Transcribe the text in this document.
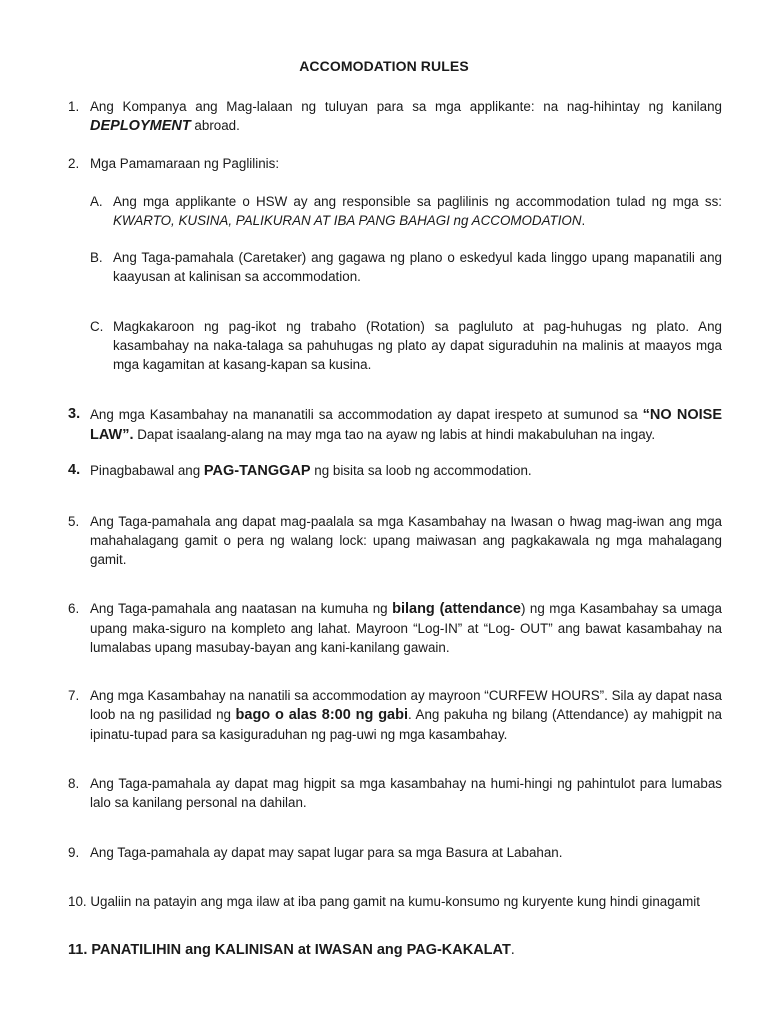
ACCOMODATION RULES
1. Ang Kompanya ang Mag-lalaan ng tuluyan para sa mga applikante: na nag-hihintay ng kanilang DEPLOYMENT abroad.
2. Mga Pamamaraan ng Paglilinis:
A. Ang mga applikante o HSW ay ang responsible sa paglilinis ng accommodation tulad ng mga ss: KWARTO, KUSINA, PALIKURAN AT IBA PANG BAHAGI ng ACCOMODATION.
B. Ang Taga-pamahala (Caretaker) ang gagawa ng plano o eskedyul kada linggo upang mapanatili ang kaayusan at kalinisan sa accommodation.
C. Magkakaroon ng pag-ikot ng trabaho (Rotation) sa pagluluto at pag-huhugas ng plato. Ang kasambahay na naka-talaga sa pahuhugas ng plato ay dapat siguraduhin na malinis at maayos mga mga kagamitan at kasang-kapan sa kusina.
3. Ang mga Kasambahay na mananatili sa accommodation ay dapat irespeto at sumunod sa “NO NOISE LAW”. Dapat isaalang-alang na may mga tao na ayaw ng labis at hindi makabuluhan na ingay.
4. Pinagbabawal ang PAG-TANGGAP ng bisita sa loob ng accommodation.
5. Ang Taga-pamahala ang dapat mag-paalala sa mga Kasambahay na Iwasan o hwag mag-iwan ang mga mahahalagang gamit o pera ng walang lock: upang maiwasan ang pagkakawala ng mga mahalagang gamit.
6. Ang Taga-pamahala ang naatasan na kumuha ng bilang (attendance) ng mga Kasambahay sa umaga upang maka-siguro na kompleto ang lahat. Mayroon “Log-IN” at “Log- OUT” ang bawat kasambahay na lumalabas upang masubay-bayan ang kani-kanilang gawain.
7. Ang mga Kasambahay na nanatili sa accommodation ay mayroon “CURFEW HOURS”. Sila ay dapat nasa loob na ng pasilidad ng bago o alas 8:00 ng gabi. Ang pakuha ng bilang (Attendance) ay mahigpit na ipinatu-tupad para sa kasiguraduhan ng pag-uwi ng mga kasambahay.
8. Ang Taga-pamahala ay dapat mag higpit sa mga kasambahay na humi-hingi ng pahintulot para lumabas lalo sa kanilang personal na dahilan.
9. Ang Taga-pamahala ay dapat may sapat lugar para sa mga Basura at Labahan.
10. Ugaliin na patayin ang mga ilaw at iba pang gamit na kumu-konsumo ng kuryente kung hindi ginagamit
11. PANATILIHIN ang KALINISAN at IWASAN ang PAG-KAKALAT.
